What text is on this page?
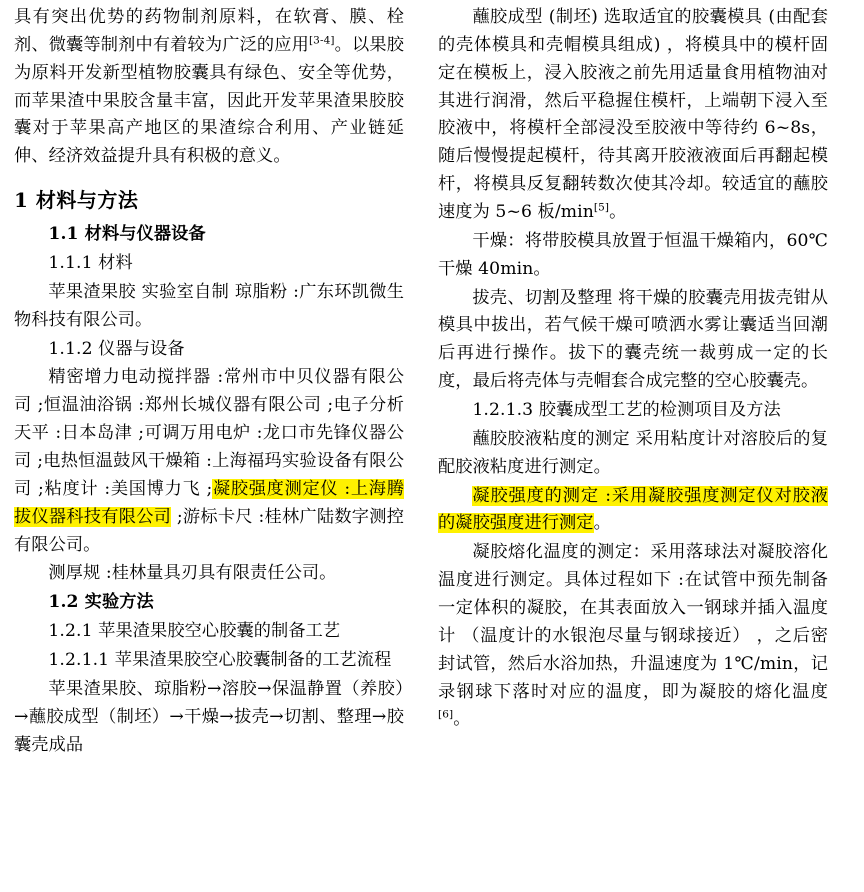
具有突出优势的药物制剂原料，在软膏、膜、栓剂、微囊等制剂中有着较为广泛的应用[3-4]。以果胶为原料开发新型植物胶囊具有绿色、安全等优势，而苹果渣中果胶含量丰富，因此开发苹果渣果胶胶囊对于苹果高产地区的果渣综合利用、产业链延伸、经济效益提升具有积极的意义。

1 材料与方法

1.1 材料与仪器设备

1.1.1 材料

苹果渣果胶 实验室自制 琼脂粉 :广东环凯微生物科技有限公司。

1.1.2 仪器与设备

精密增力电动搅拌器 :常州市中贝仪器有限公司 ;恒温油浴锅 :郑州长城仪器有限公司 ;电子分析天平 :日本岛津 ;可调万用电炉 :龙口市先锋仪器公司 ;电热恒温鼓风干燥箱 :上海福玛实验设备有限公司 ;粘度计 :美国博力飞 ;凝胶强度测定仪 :上海腾拔仪器科技有限公司 ;游标卡尺 :桂林广陆数字测控有限公司。

测厚规 :桂林量具刃具有限责任公司。

1.2 实验方法

1.2.1 苹果渣果胶空心胶囊的制备工艺

1.2.1.1 苹果渣果胶空心胶囊制备的工艺流程

苹果渣果胶、琼脂粉→溶胶→保温静置（养胶）→蘸胶成型（制坯）→干燥→拔壳→切割、整理→胶囊壳成品

蘸胶成型 (制坯) 选取适宜的胶囊模具 (由配套的壳体模具和壳帽模具组成) ，将模具中的模杆固定在模板上，浸入胶液之前先用适量食用植物油对其进行润滑，然后平稳握住模杆，上端朝下浸入至胶液中，将模杆全部浸没至胶液中等待约 6~8s，随后慢慢提起模杆，待其离开胶液液面后再翻起模杆，将模具反复翻转数次使其冷却。较适宜的蘸胶速度为 5~6 板/min[5]。

干燥：将带胶模具放置于恒温干燥箱内，60℃干燥 40min。

拔壳、切割及整理 将干燥的胶囊壳用拔壳钳从模具中拔出，若气候干燥可喷洒水雾让囊适当回潮后再进行操作。拔下的囊壳统一裁剪成一定的长度，最后将壳体与壳帽套合成完整的空心胶囊壳。

1.2.1.3 胶囊成型工艺的检测项目及方法

蘸胶胶液粘度的测定 采用粘度计对溶胶后的复配胶液粘度进行测定。

凝胶强度的测定 :采用凝胶强度测定仪对胶液的凝胶强度进行测定。

凝胶熔化温度的测定：采用落球法对凝胶溶化温度进行测定。具体过程如下 :在试管中预先制备一定体积的凝胶，在其表面放入一钢球并插入温度计 （温度计的水银泡尽量与钢球接近） ，之后密封试管，然后水浴加热，升温速度为 1℃/min，记录钢球下落时对应的温度，即为凝胶的熔化温度[6]。
